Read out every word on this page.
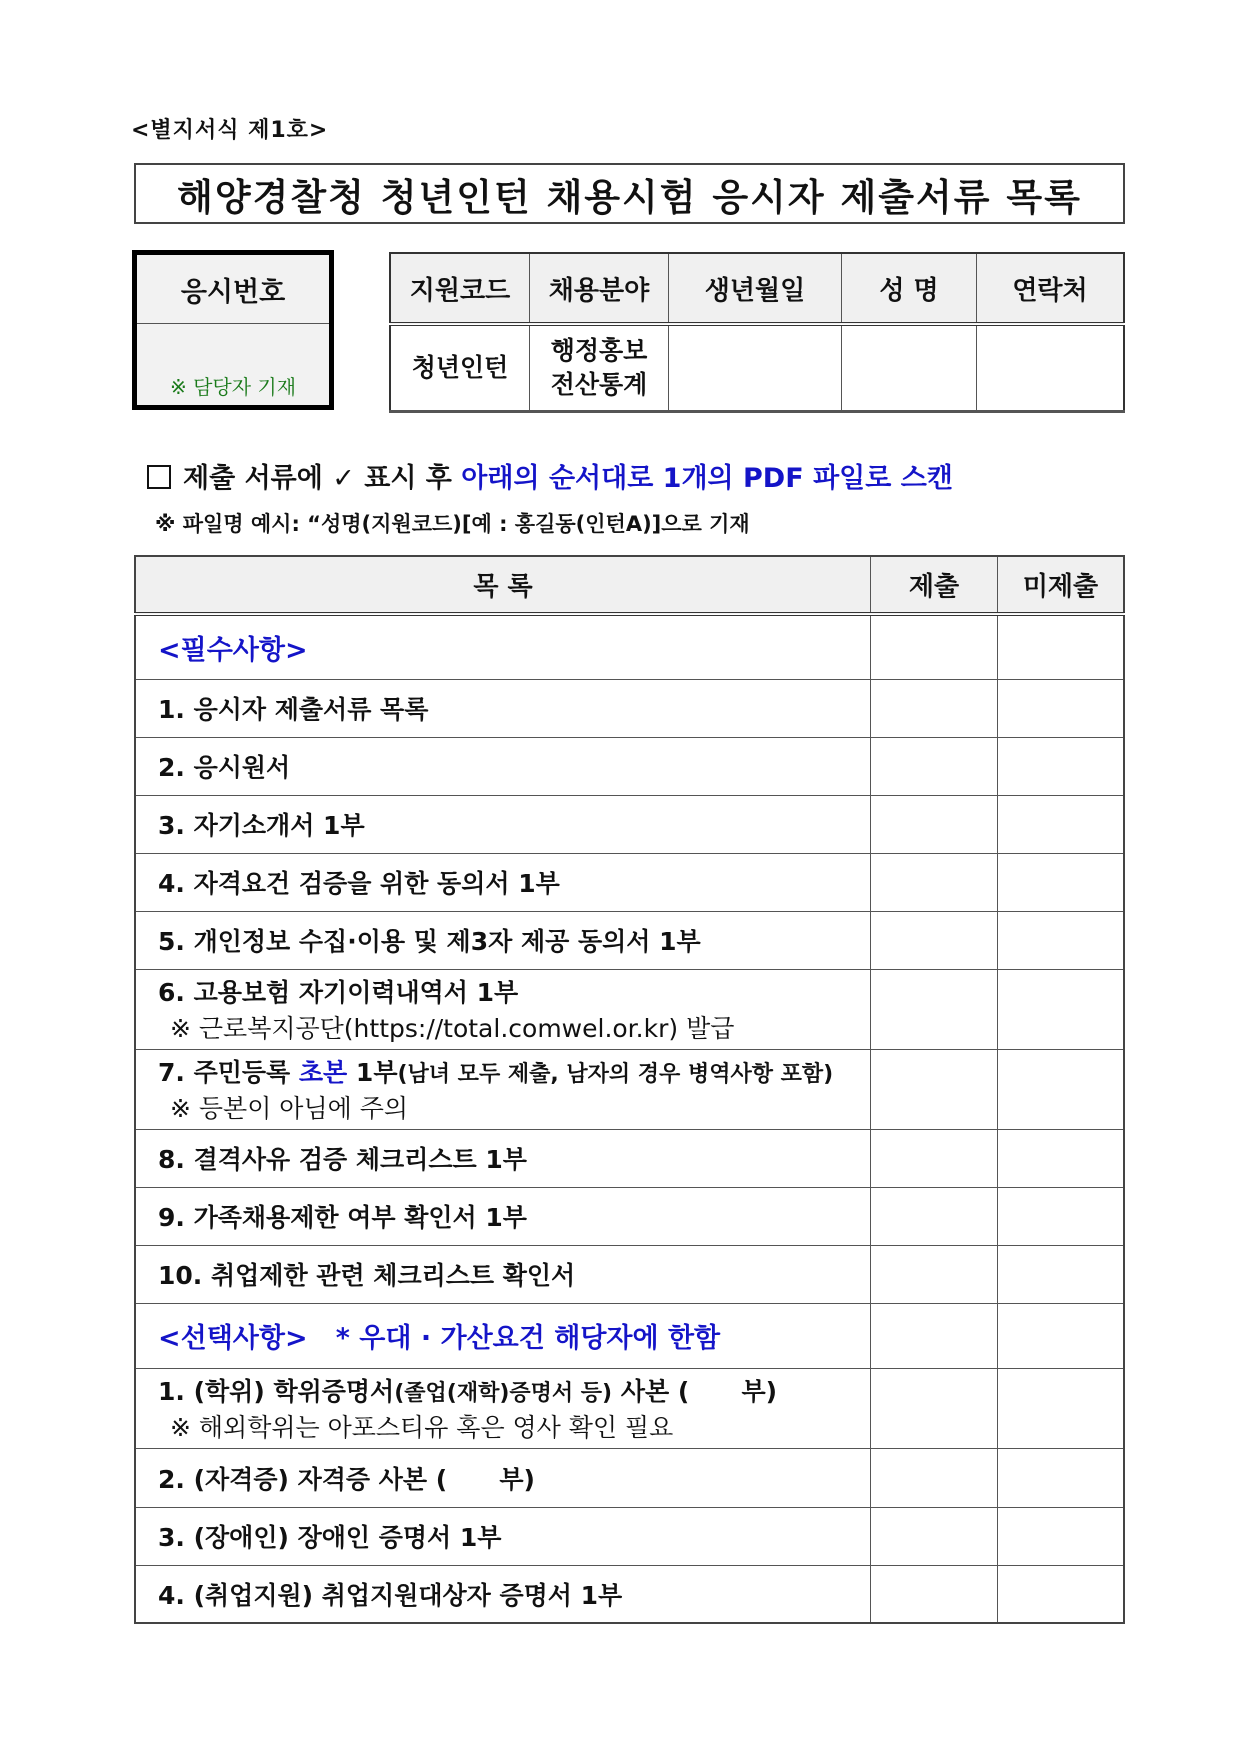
<별지서식 제1호>
해양경찰청 청년인턴 채용시험 응시자 제출서류 목록
응시번호
※ 담당자 기재
지원코드	채용분야	생년월일	성 명	연락처
청년인턴	행정홍보
전산통계			

제출 서류에 ✓ 표시 후 아래의 순서대로 1개의 PDF 파일로 스캔
※ 파일명 예시: “성명(지원코드)[예 : 홍길동(인턴A)]으로 기재
목 록	제출	미제출
<필수사항>		
1. 응시자 제출서류 목록		
2. 응시원서		
3. 자기소개서 1부		
4. 자격요건 검증을 위한 동의서 1부		
5. 개인정보 수집·이용 및 제3자 제공 동의서 1부		
6. 고용보험 자기이력내역서 1부
※ 근로복지공단(https://total.comwel.or.kr) 발급		

7. 주민등록 초본 1부(남녀 모두 제출, 남자의 경우 병역사항 포함)
※ 등본이 아님에 주의		

8. 결격사유 검증 체크리스트 1부		
9. 가족채용제한 여부 확인서 1부		
10. 취업제한 관련 체크리스트 확인서		
<선택사항>   * 우대 · 가산요건 해당자에 한함		
1. (학위) 학위증명서(졸업(재학)증명서 등) 사본 (      부)
※ 해외학위는 아포스티유 혹은 영사 확인 필요		

2. (자격증) 자격증 사본 (      부)		
3. (장애인) 장애인 증명서 1부		
4. (취업지원) 취업지원대상자 증명서 1부		
